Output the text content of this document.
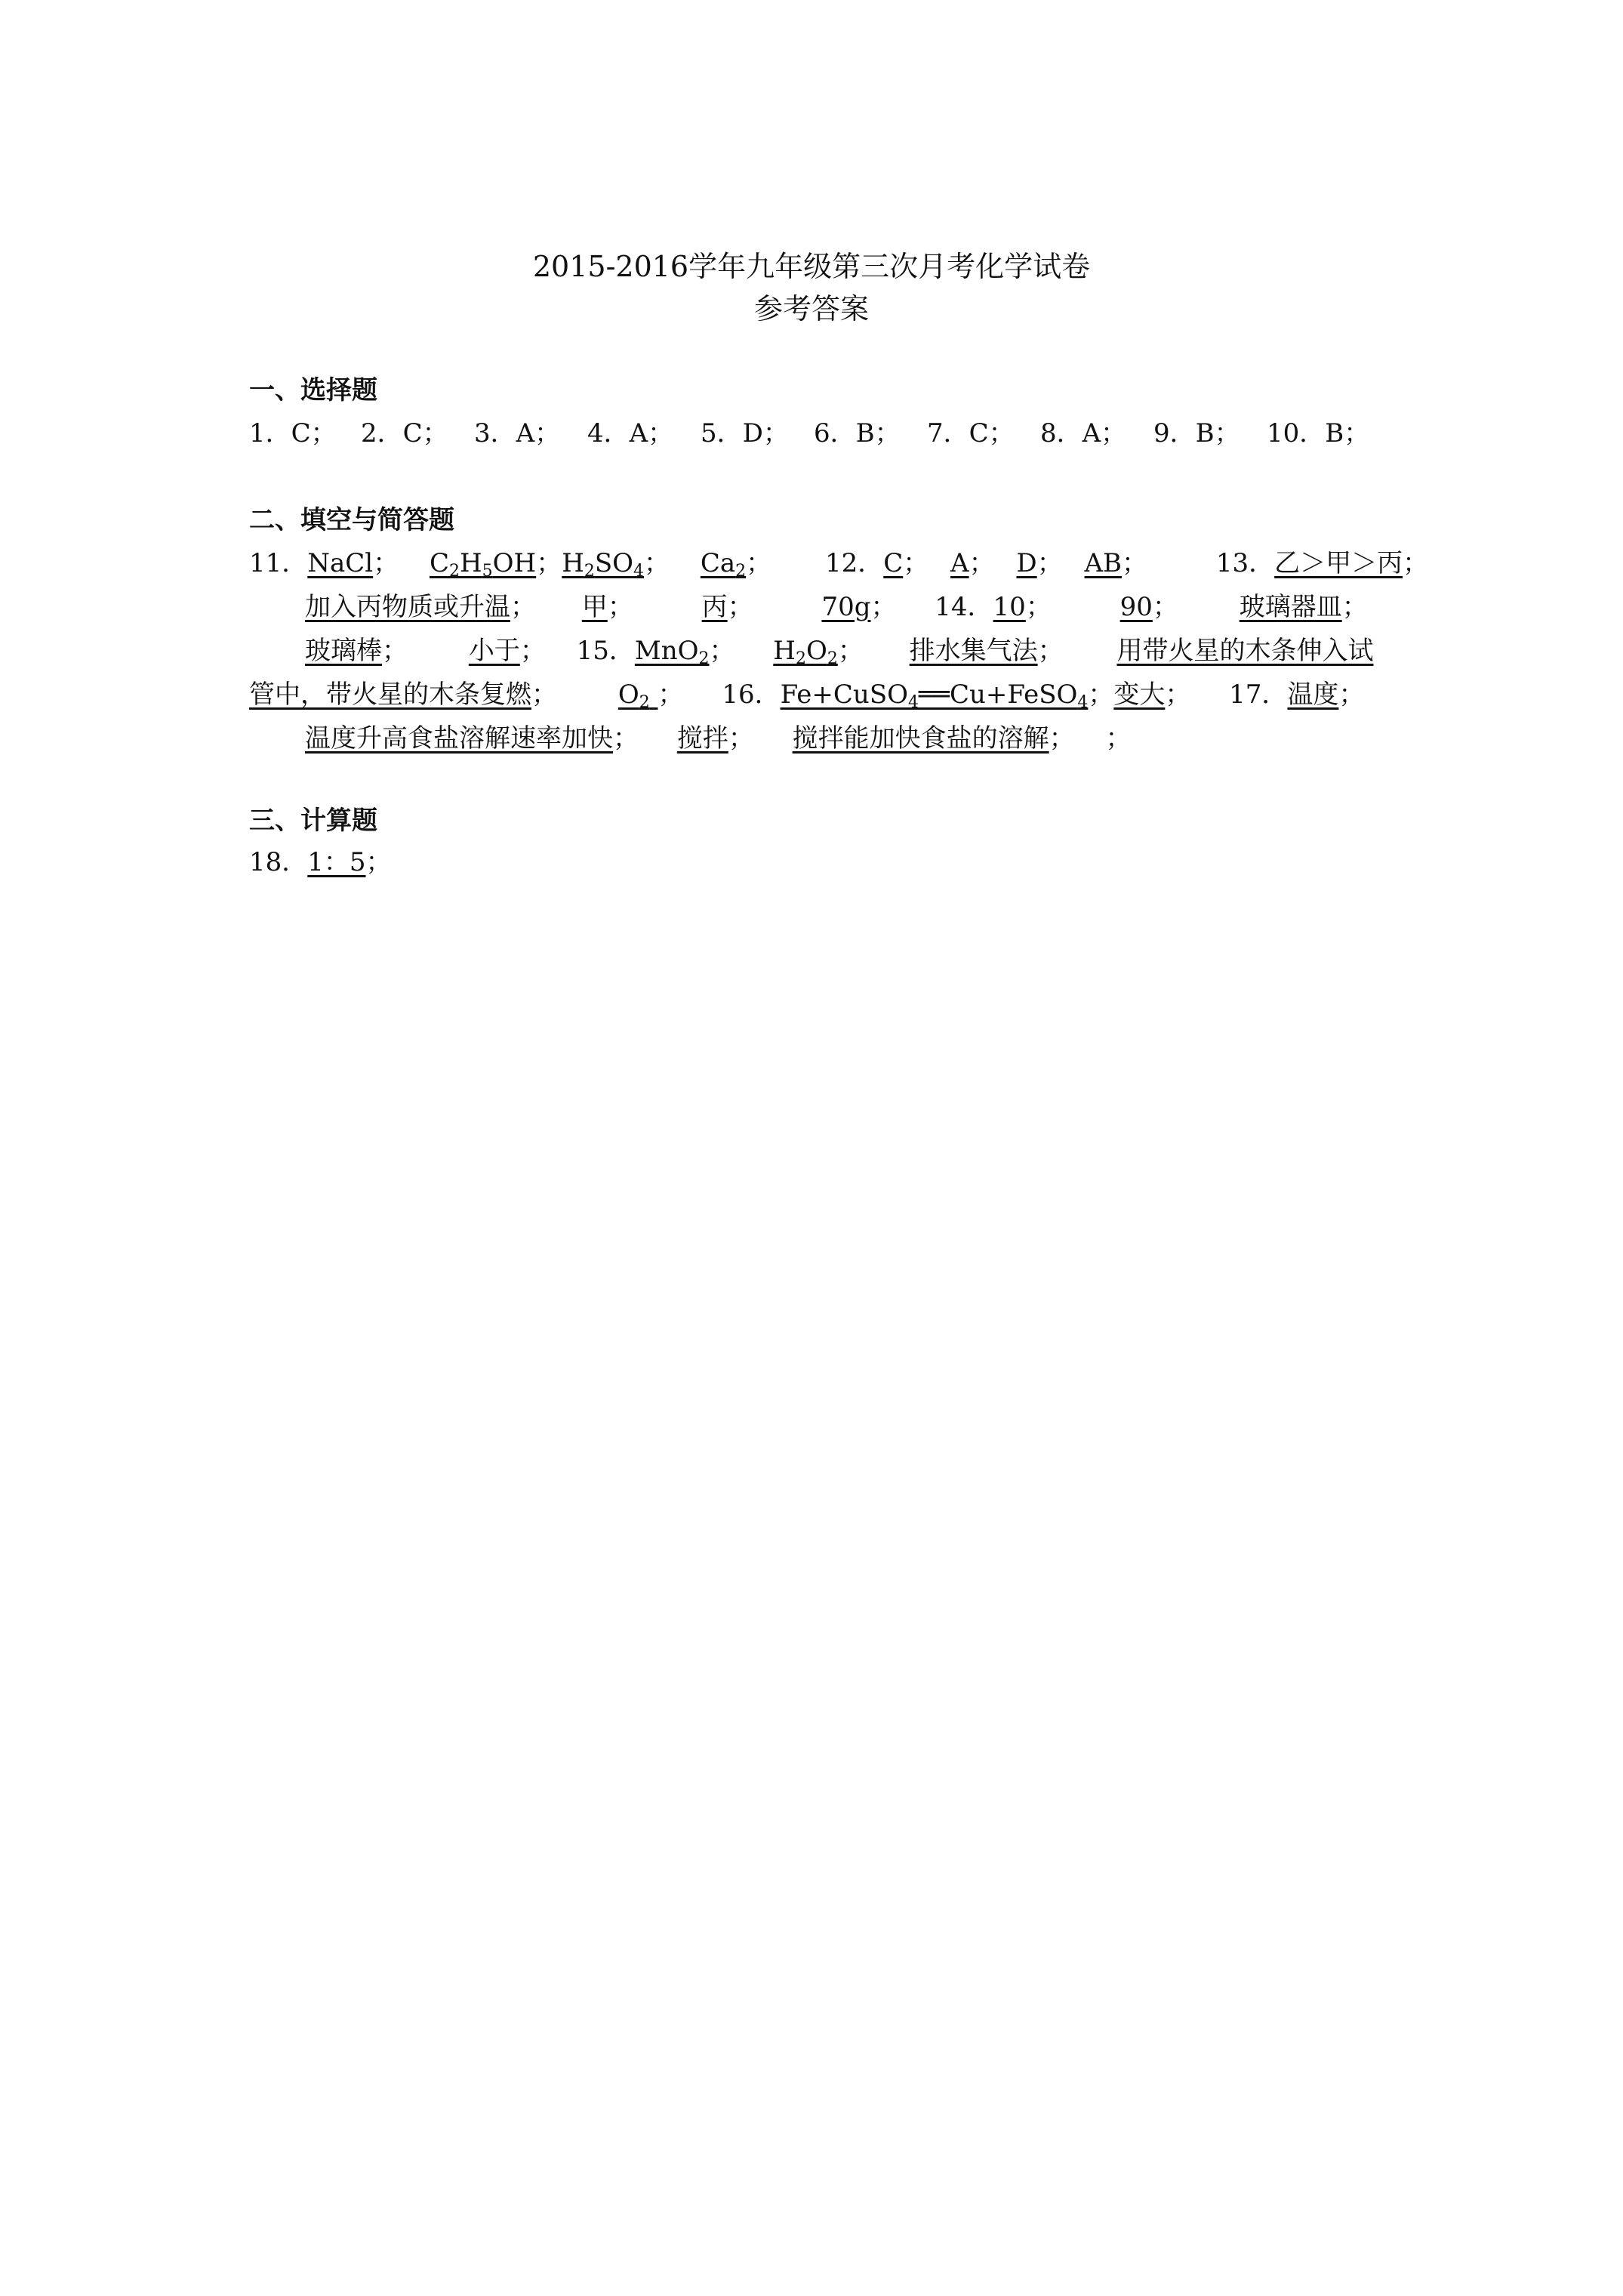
2015-2016学年九年级第三次月考化学试卷
参考答案
一、选择题
1．C； 2．C； 3．A； 4．A； 5．D； 6．B； 7．C； 8．A； 9．B； 10．B；
二、填空与简答题
11．NaCl； $C_2H_5OH$；$H_2SO_4$； $Ca_2$； 12．C； A； D； AB；	13．乙＞甲＞丙；
加入丙物质或升温； 甲；	丙；	70g； 14．10；	90； 玻璃器皿；
玻璃棒； 小于； 15．MnO$_2$； $H_2O_2$； 排水集气法； 用带火星的木条伸入试
管中，带火星的木条复燃； $O_2$ ； 16．Fe+CuSO$_4$══Cu+FeSO$_4$；变大； 17．温度；
温度升高食盐溶解速率加快； 搅拌； 搅拌能加快食盐的溶解； ；
三、计算题
18．1：5；
